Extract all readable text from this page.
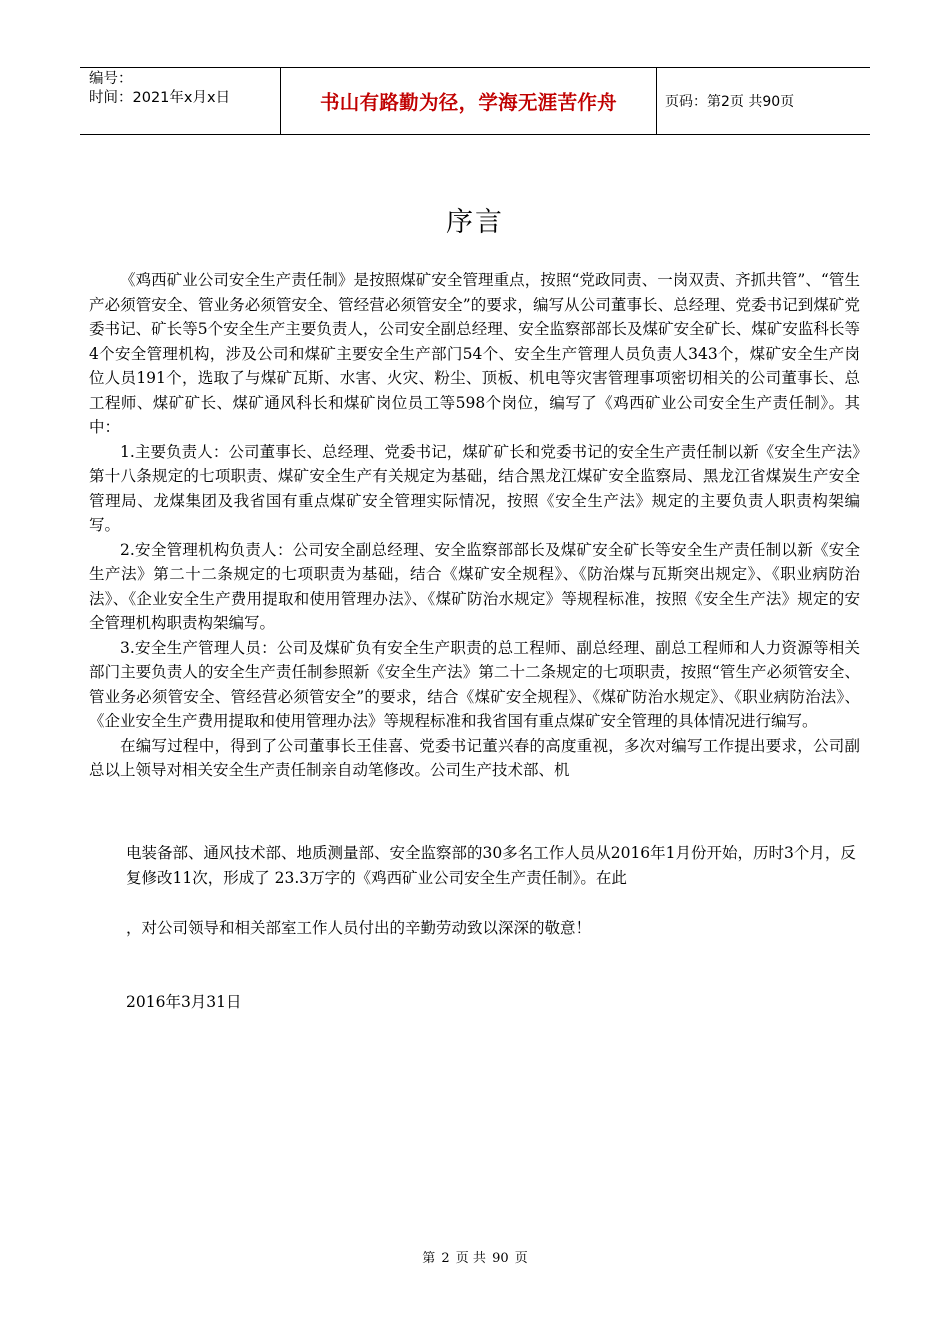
编号：
时间：2021年x月x日	书山有路勤为径，学海无涯苦作舟	页码：第2页 共90页
序言

《鸡西矿业公司安全生产责任制》是按照煤矿安全管理重点，按照“党政同责、一岗双责、齐抓共管”、“管生产必须管安全、管业务必须管安全、管经营必须管安全”的要求，编写从公司董事长、总经理、党委书记到煤矿党委书记、矿长等5个安全生产主要负责人，公司安全副总经理、安全监察部部长及煤矿安全矿长、煤矿安监科长等4个安全管理机构，涉及公司和煤矿主要安全生产部门54个、安全生产管理人员负责人343个，煤矿安全生产岗位人员191个，选取了与煤矿瓦斯、水害、火灾、粉尘、顶板、机电等灾害管理事项密切相关的公司董事长、总工程师、煤矿矿长、煤矿通风科长和煤矿岗位员工等598个岗位，编写了《鸡西矿业公司安全生产责任制》。其中：

1.主要负责人：公司董事长、总经理、党委书记，煤矿矿长和党委书记的安全生产责任制以新《安全生产法》第十八条规定的七项职责、煤矿安全生产有关规定为基础，结合黑龙江煤矿安全监察局、黑龙江省煤炭生产安全管理局、龙煤集团及我省国有重点煤矿安全管理实际情况，按照《安全生产法》规定的主要负责人职责构架编写。

2.安全管理机构负责人：公司安全副总经理、安全监察部部长及煤矿安全矿长等安全生产责任制以新《安全生产法》第二十二条规定的七项职责为基础，结合《煤矿安全规程》、《防治煤与瓦斯突出规定》、《职业病防治法》、《企业安全生产费用提取和使用管理办法》、《煤矿防治水规定》等规程标准，按照《安全生产法》规定的安全管理机构职责构架编写。

3.安全生产管理人员：公司及煤矿负有安全生产职责的总工程师、副总经理、副总工程师和人力资源等相关部门主要负责人的安全生产责任制参照新《安全生产法》第二十二条规定的七项职责，按照“管生产必须管安全、管业务必须管安全、管经营必须管安全”的要求，结合《煤矿安全规程》、《煤矿防治水规定》、《职业病防治法》、《企业安全生产费用提取和使用管理办法》等规程标准和我省国有重点煤矿安全管理的具体情况进行编写。

在编写过程中，得到了公司董事长王佳喜、党委书记董兴春的高度重视，多次对编写工作提出要求，公司副总以上领导对相关安全生产责任制亲自动笔修改。公司生产技术部、机

电装备部、通风技术部、地质测量部、安全监察部的30多名工作人员从2016年1月份开始，历时3个月，反复修改11次，形成了 23.3万字的《鸡西矿业公司安全生产责任制》。在此
，对公司领导和相关部室工作人员付出的辛勤劳动致以深深的敬意！
2016年3月31日
第 2 页 共 90 页
